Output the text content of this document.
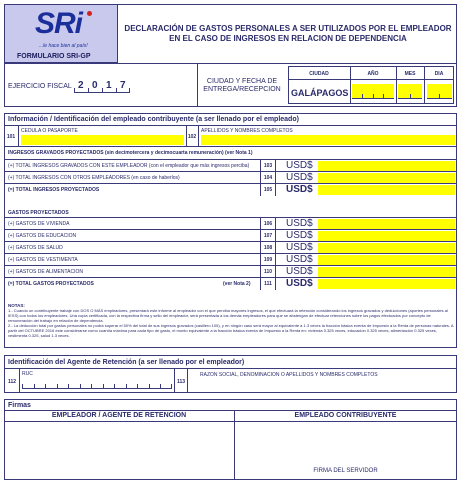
SRi
...le hace bien al país!
FORMULARIO SRI-GP
DECLARACIÓN DE GASTOS PERSONALES A SER UTILIZADOS POR EL EMPLEADOR EN EL CASO DE INGRESOS EN RELACION DE DEPENDENCIA
EJERCICIO FISCAL 2 0 1 7	CIUDAD Y FECHA DE ENTREGA/RECEPCION
CIUDAD	AÑO	MES	DIA
GALÁPAGOS
Información / Identificación del empleado contribuyente (a ser llenado por el empleado)
101
CEDULA O PASAPORTE
102
APELLIDOS Y NOMBRES COMPLETOS
INGRESOS GRAVADOS PROYECTADOS (sin decimotercera y decimocuarta remuneración) (ver Nota 1)
(+) TOTAL INGRESOS GRAVADOS CON ESTE EMPLEADOR (con el empleador que más ingresos perciba)	103 USD$
(+) TOTAL INGRESOS CON OTROS EMPLEADORES (en caso de haberlos)	104 USD$
(=) TOTAL INGRESOS PROYECTADOS	105 USD$
GASTOS PROYECTADOS
(+) GASTOS DE VIVIENDA	106 USD$
(+) GASTOS DE EDUCACION	107 USD$
(+) GASTOS DE SALUD	108 USD$
(+) GASTOS DE VESTIMENTA	109 USD$
(+) GASTOS DE ALIMENTACION	110 USD$
(=) TOTAL GASTOS PROYECTADOS	(ver Nota 2)	111	USD$
NOTAS:
1.- Cuando un contribuyente trabaje con DOS O MÁS empleadores, presentará este informe al empleador con el que perciba mayores ingresos, el que efectuará la retención considerando los ingresos gravados y deducciones (aportes personales al IESS) con todos los empleadores. Una copia certificada, con la respectiva firma y sello del empleador, será presentada a los demás empleadores para que se abstengan de efectuar retenciones sobre los pagos efectuados por concepto de remuneración del trabajo en relación de dependencia.
2.- La deducción total por gastos personales no podrá superar el 50% del total de sus ingresos gravados (casillero 105), y en ningún caso será mayor al equivalente a 1.3 veces la fracción básica exenta de Impuesto a la Renta de personas naturales. A partir del OCTUBRE 2016 este considerarse como cuantía máxima para cada tipo de gasto, el monto equivalente a la fracción básica exenta de Impuesto a la Renta en: vivienda 0.325 veces, educación 0.325 veces, alimentación 0.325 veces, vestimenta 0.325, salud 1.3 veces.
Identificación del Agente de Retención (a ser llenado por el empleador)
112
RUC
113
RAZON SOCIAL, DENOMINACION O APELLIDOS Y NOMBRES COMPLETOS
Firmas
EMPLEADOR / AGENTE DE RETENCION	EMPLEADO CONTRIBUYENTE
FIRMA DEL SERVIDOR
